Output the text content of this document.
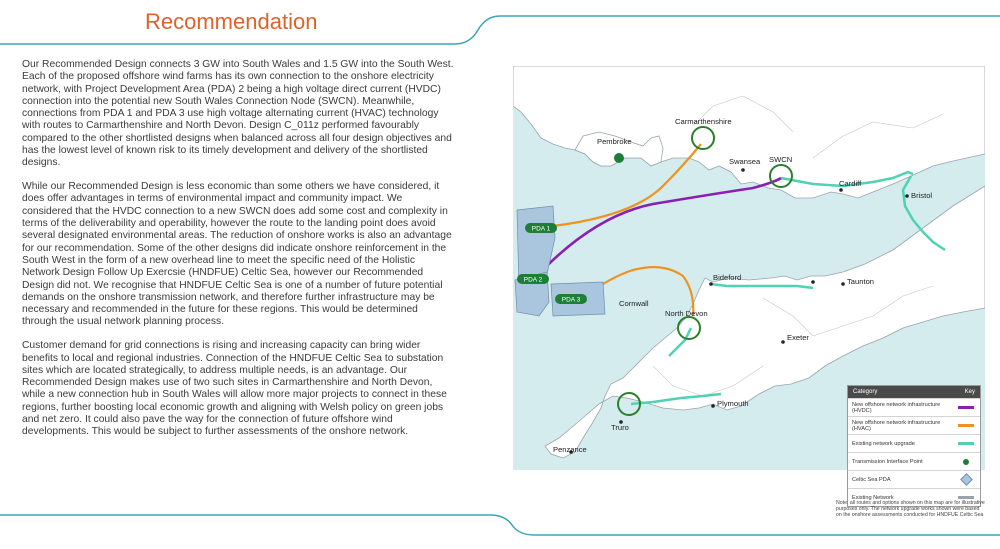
Recommendation

Our Recommended Design connects 3 GW into South Wales and 1.5 GW into the South West. Each of the proposed offshore wind farms has its own connection to the onshore electricity network, with Project Development Area (PDA) 2 being a high voltage direct current (HVDC) connection into the potential new South Wales Connection Node (SWCN). Meanwhile, connections from PDA 1 and PDA 3 use high voltage alternating current (HVAC) technology with routes to Carmarthenshire and North Devon. Design C_011z performed favourably compared to the other shortlisted designs when balanced across all four design objectives and has the lowest level of known risk to its timely development and delivery of the shortlisted designs.

While our Recommended Design is less economic than some others we have considered, it does offer advantages in terms of environmental impact and community impact. We considered that the HVDC connection to a new SWCN does add some cost and complexity in terms of the deliverability and operability, however the route to the landing point does avoid several designated environmental areas. The reduction of onshore works is also an advantage for our recommendation. Some of the other designs did indicate onshore reinforcement in the South West in the form of a new overhead line to meet the specific need of the Holistic Network Design Follow Up Exercsie (HNDFUE) Celtic Sea, however our Recommended Design did not. We recognise that HNDFUE Celtic Sea is one of a number of future potential demands on the onshore transmission network, and therefore further infrastructure may be necessary and recommended in the future for these regions. This would be determined through the usual network planning process.

Customer demand for grid connections is rising and increasing capacity can bring wider benefits to local and regional industries. Connection of the HNDFUE Celtic Sea to substation sites which are located strategically, to address multiple needs, is an advantage. Our Recommended Design makes use of two such sites in Carmarthenshire and North Devon, while a new connection hub in South Wales will allow more major projects to connect in these regions, further boosting local economic growth and aligning with Welsh policy on green jobs and net zero. It could also pave the way for the connection of future offshore wind developments. This would be subject to further assessments of the onshore network.

PDA 1
PDA 2
PDA 3
Carmarthenshire
Pembroke
Swansea SWCN
Cardiff
Bristol
Bideford	Taunton
Cornwall
North Devon
Exeter
Plymouth
Truro
Penzance
Category	Key
New offshore network infrastructure (HVDC)
New offshore network infrastructure (HVAC)
Existing network upgrade
Transmission Interface Point
Celtic Sea PDA
Existing Network
Note: all routes and options shown on this map are for illustrative purposes only. The network upgrade works shown were based on the onshore assessments conducted for HNDFUE Celtic Sea
